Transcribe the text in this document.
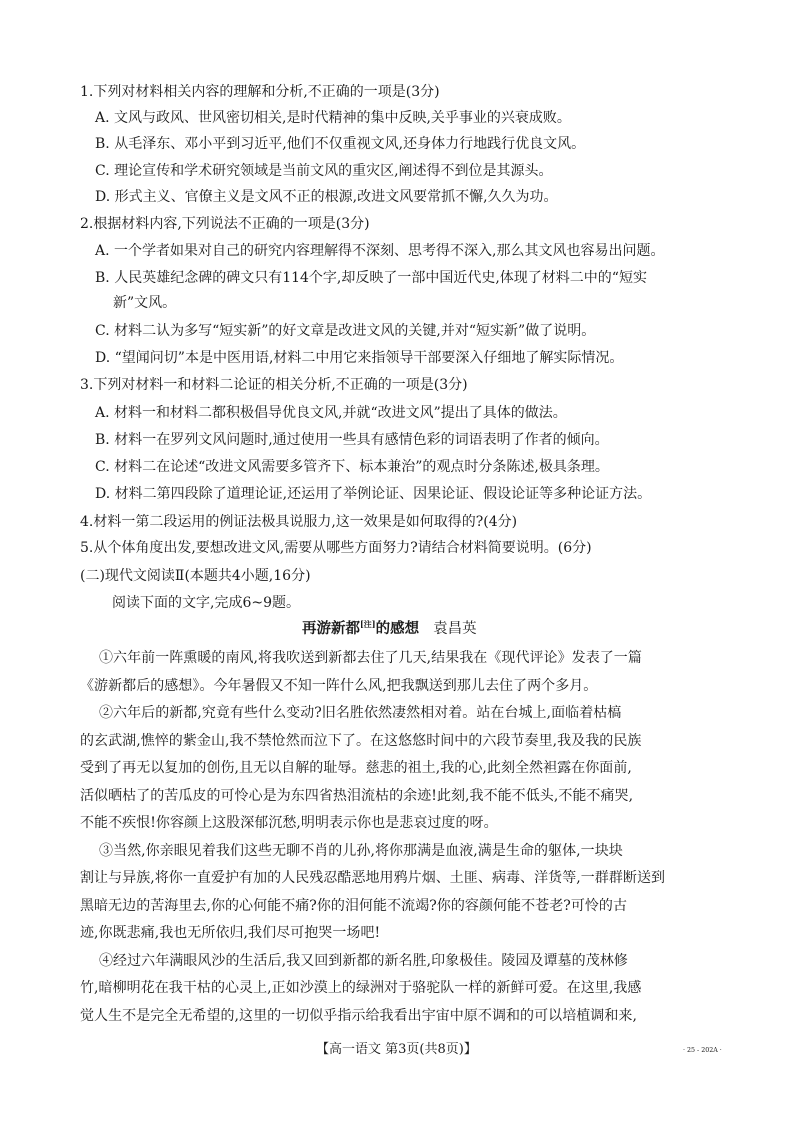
1.下列对材料相关内容的理解和分析,不正确的一项是(3分)
A. 文风与政风、世风密切相关,是时代精神的集中反映,关乎事业的兴衰成败。
B. 从毛泽东、邓小平到习近平,他们不仅重视文风,还身体力行地践行优良文风。
C. 理论宣传和学术研究领域是当前文风的重灾区,阐述得不到位是其源头。
D. 形式主义、官僚主义是文风不正的根源,改进文风要常抓不懈,久久为功。
2.根据材料内容,下列说法不正确的一项是(3分)
A. 一个学者如果对自己的研究内容理解得不深刻、思考得不深入,那么其文风也容易出问题。
B. 人民英雄纪念碑的碑文只有114个字,却反映了一部中国近代史,体现了材料二中的“短实
新”文风。
C. 材料二认为多写“短实新”的好文章是改进文风的关键,并对“短实新”做了说明。
D. “望闻问切”本是中医用语,材料二中用它来指领导干部要深入仔细地了解实际情况。
3.下列对材料一和材料二论证的相关分析,不正确的一项是(3分)
A. 材料一和材料二都积极倡导优良文风,并就“改进文风”提出了具体的做法。
B. 材料一在罗列文风问题时,通过使用一些具有感情色彩的词语表明了作者的倾向。
C. 材料二在论述“改进文风需要多管齐下、标本兼治”的观点时分条陈述,极具条理。
D. 材料二第四段除了道理论证,还运用了举例论证、因果论证、假设论证等多种论证方法。
4.材料一第二段运用的例证法极具说服力,这一效果是如何取得的?(4分)
5.从个体角度出发,要想改进文风,需要从哪些方面努力?请结合材料简要说明。(6分)
(二)现代文阅读Ⅱ(本题共4小题,16分)
阅读下面的文字,完成6~9题。
再游新都[注]的感想 袁昌英
①六年前一阵熏暖的南风,将我吹送到新都去住了几天,结果我在《现代评论》发表了一篇
《游新都后的感想》。今年暑假又不知一阵什么风,把我飘送到那儿去住了两个多月。
②六年后的新都,究竟有些什么变动?旧名胜依然凄然相对着。站在台城上,面临着枯槁
的玄武湖,憔悴的紫金山,我不禁怆然而泣下了。在这悠悠时间中的六段节奏里,我及我的民族
受到了再无以复加的创伤,且无以自解的耻辱。慈悲的祖土,我的心,此刻全然袒露在你面前,
活似晒枯了的苦瓜皮的可怜心是为东四省热泪流枯的余迹!此刻,我不能不低头,不能不痛哭,
不能不疾恨!你容颜上这股深郁沉愁,明明表示你也是悲哀过度的呀。
③当然,你亲眼见着我们这些无聊不肖的儿孙,将你那满是血液,满是生命的躯体,一块块
割让与异族,将你一直爱护有加的人民残忍酷恶地用鸦片烟、土匪、病毒、洋货等,一群群断送到
黑暗无边的苦海里去,你的心何能不痛?你的泪何能不流竭?你的容颜何能不苍老?可怜的古
迹,你既悲痛,我也无所依归,我们尽可抱哭一场吧!
④经过六年满眼风沙的生活后,我又回到新都的新名胜,印象极佳。陵园及谭墓的茂林修
竹,暗柳明花在我干枯的心灵上,正如沙漠上的绿洲对于骆驼队一样的新鲜可爱。在这里,我感
觉人生不是完全无希望的,这里的一切似乎指示给我看出宇宙中原不调和的可以培植调和来,
【高一语文 第3页(共8页)】	· 25 - 202A ·
